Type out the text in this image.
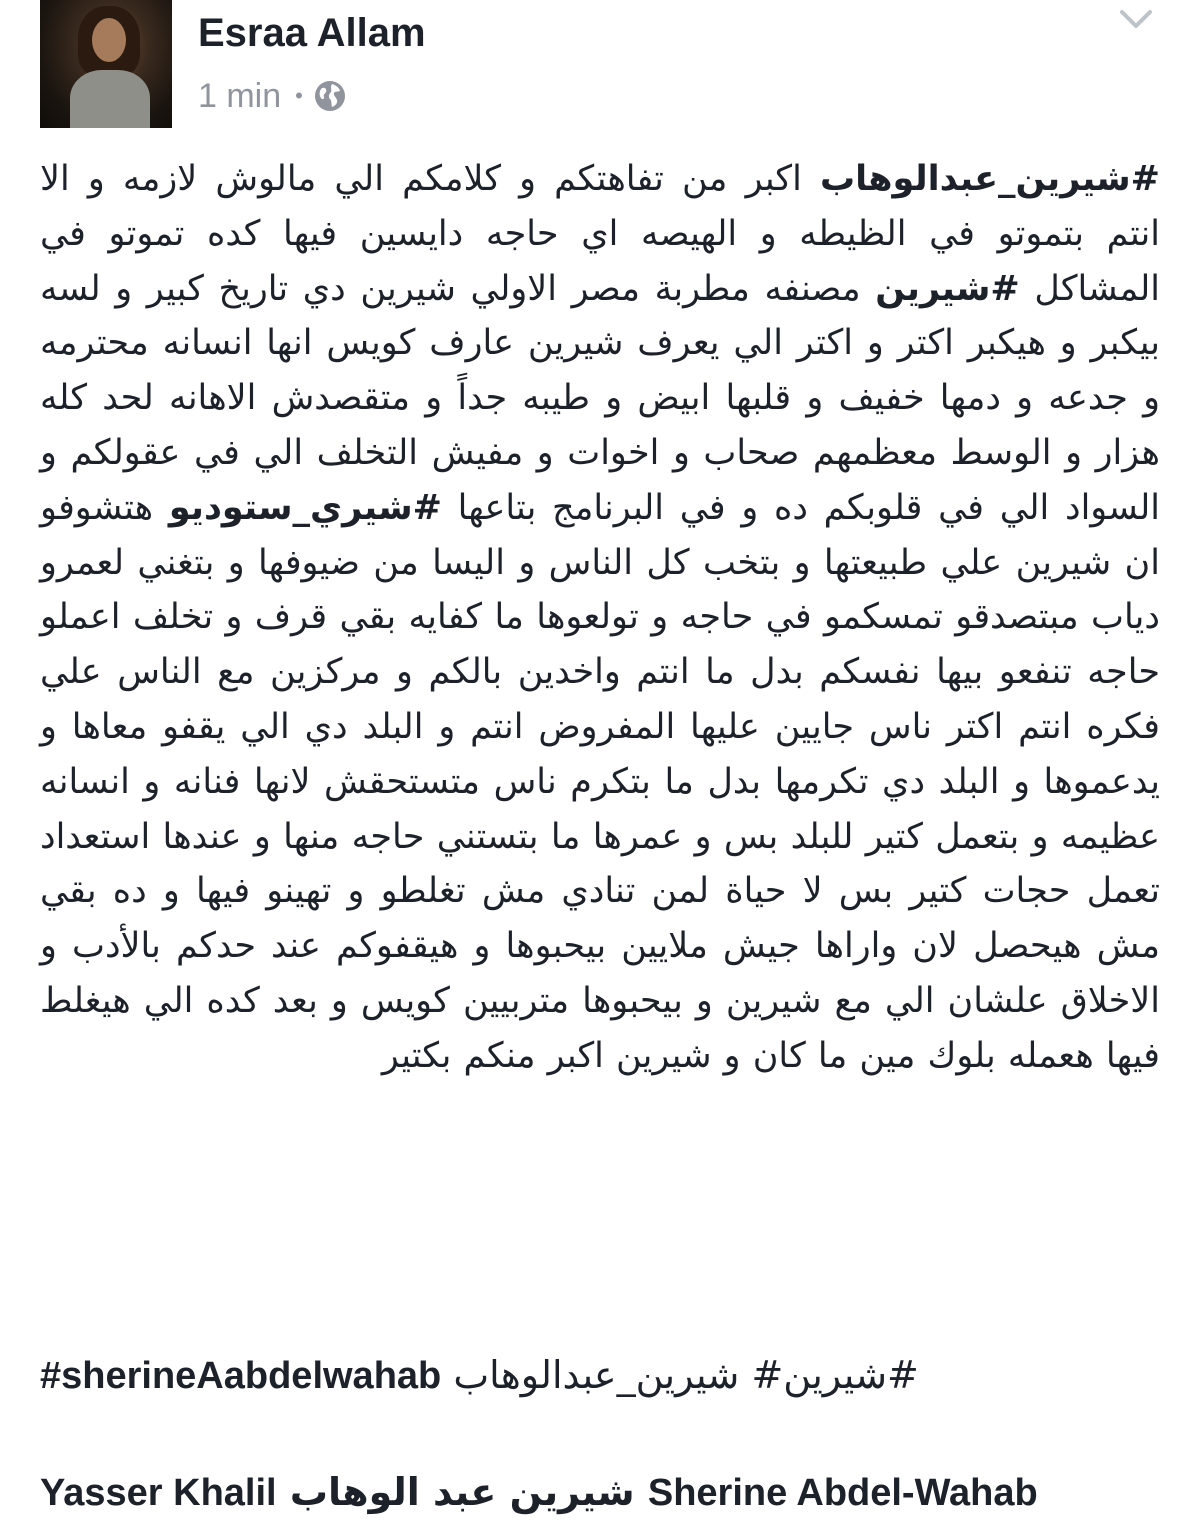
Esraa Allam
1 min •
#شيرين_عبدالوهاب اكبر من تفاهتكم و كلامكم الي مالوش لازمه و الا انتم بتموتو في الظيطه و الهيصه اي حاجه دايسين فيها كده تموتو في المشاكل #شيرين مصنفه مطربة مصر الاولي شيرين دي تاريخ كبير و لسه بيكبر و هيكبر اكتر و اكتر الي يعرف شيرين عارف كويس انها انسانه محترمه و جدعه و دمها خفيف و قلبها ابيض و طيبه جداً و متقصدش الاهانه لحد كله هزار و الوسط معظمهم صحاب و اخوات و مفيش التخلف الي في عقولكم و السواد الي في قلوبكم ده و في البرنامج بتاعها #شيري_ستوديو هتشوفو ان شيرين علي طبيعتها و بتخب كل الناس و اليسا من ضيوفها و بتغني لعمرو دياب مبتصدقو تمسكمو في حاجه و تولعوها ما كفايه بقي قرف و تخلف اعملو حاجه تنفعو بيها نفسكم بدل ما انتم واخدين بالكم و مركزين مع الناس علي فكره انتم اكتر ناس جايين عليها المفروض انتم و البلد دي الي يقفو معاها و يدعموها و البلد دي تكرمها بدل ما بتكرم ناس متستحقش لانها فنانه و انسانه عظيمه و بتعمل كتير للبلد بس و عمرها ما بتستني حاجه منها و عندها استعداد تعمل حجات كتير بس لا حياة لمن تنادي مش تغلطو و تهينو فيها و ده بقي مش هيحصل لان واراها جيش ملايين بيحبوها و هيقفوكم عند حدكم بالأدب و الاخلاق علشان الي مع شيرين و بيحبوها متربيين كويس و بعد كده الي هيغلط فيها هعمله بلوك مين ما كان و شيرين اكبر منكم بكتير
#sherineAabdelwahab #شيرين# شيرين_عبدالوهاب
Yasser Khalil شيرين عبد الوهاب Sherine Abdel-Wahab
